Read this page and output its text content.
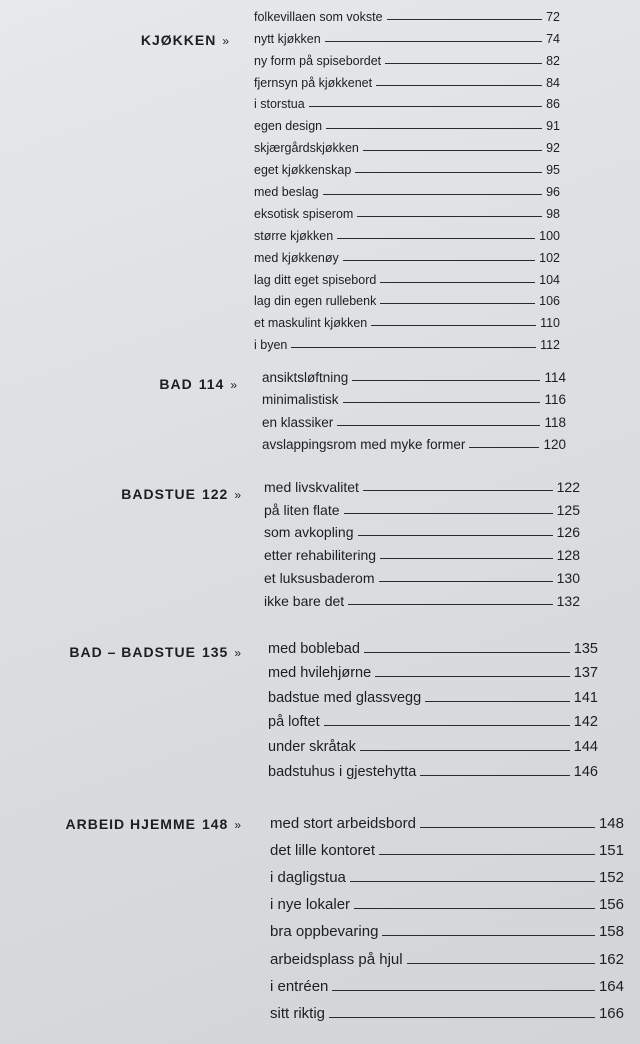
KJØKKEN »
folkevillaen som vokste	72
nytt kjøkken	74
ny form på spisebordet	82
fjernsyn på kjøkkenet	84
i storstua	86
egen design	91
skjærgårdskjøkken	92
eget kjøkkenskap	95
med beslag	96
eksotisk spiserom	98
større kjøkken	100
med kjøkkenøy	102
lag ditt eget spisebord	104
lag din egen rullebenk	106
et maskulint kjøkken	110
i byen	112
BAD 114 »
ansiktsløftning	114
minimalistisk	116
en klassiker	118
avslappingsrom med myke former	120
BADSTUE 122 »
med livskvalitet	122
på liten flate	125
som avkopling	126
etter rehabilitering	128
et luksusbaderom	130
ikke bare det	132
BAD – BADSTUE 135 » med boblebad	135
med hvilehjørne	137
badstue med glassvegg	141
på loftet	142
under skråtak	144
badstuhus i gjestehytta	146
ARBEID HJEMME 148 » med stort arbeidsbord	148
det lille kontoret	151
i dagligstua	152
i nye lokaler	156
bra oppbevaring	158
arbeidsplass på hjul	162
i entréen	164
sitt riktig	166
